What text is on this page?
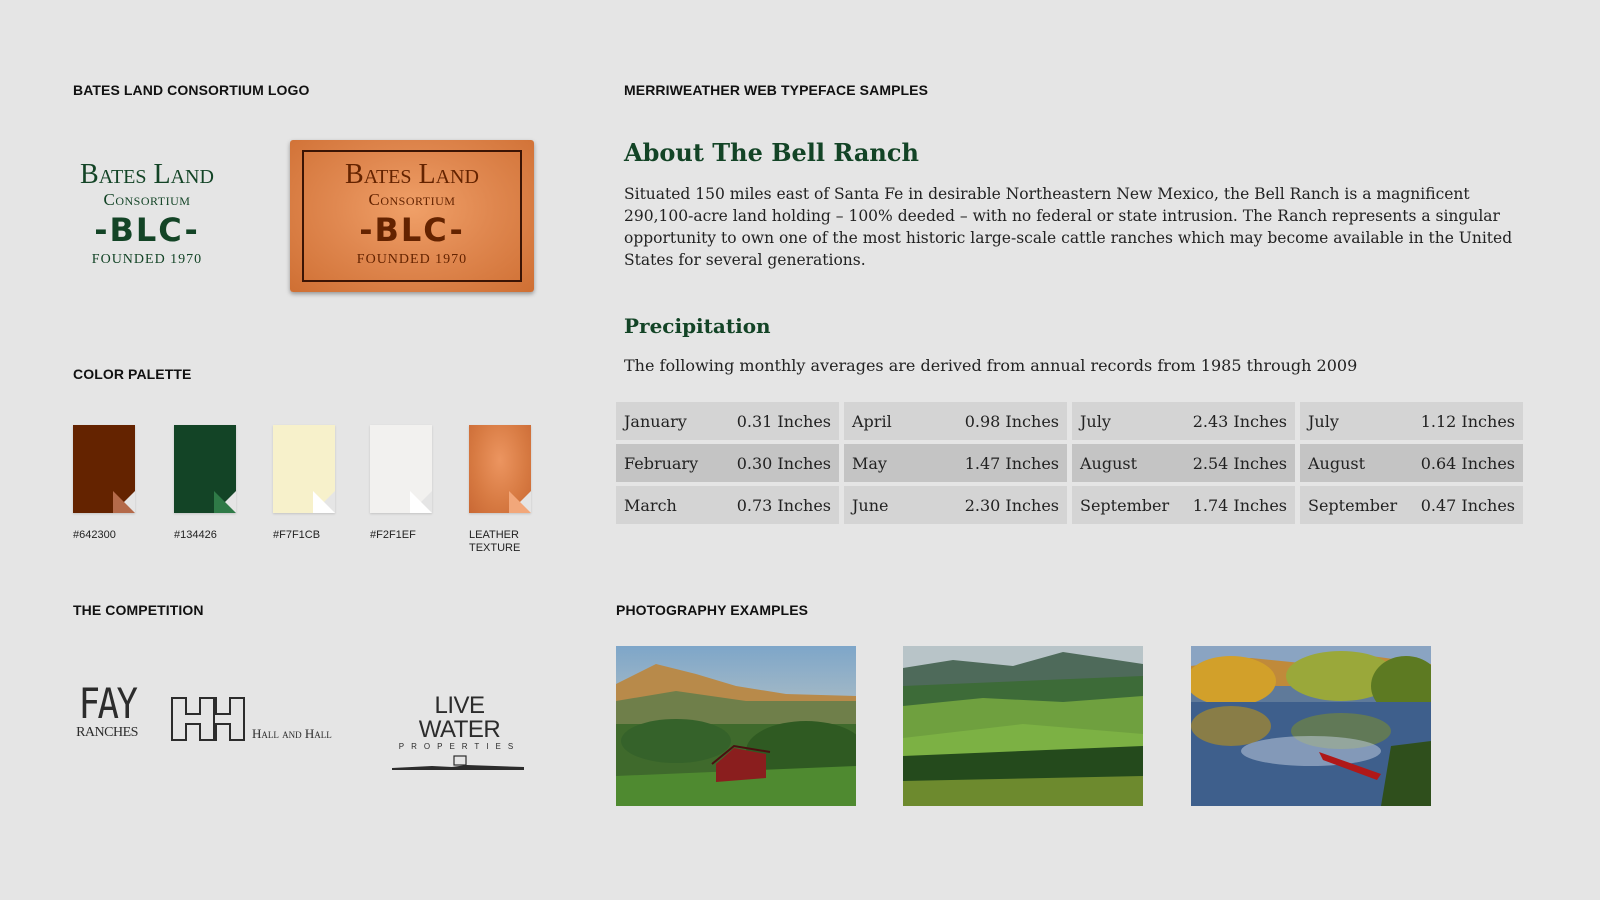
BATES LAND CONSORTIUM LOGO
Bates Land
Consortium
-BLC-
FOUNDED 1970
Bates Land
Consortium
-BLC-
FOUNDED 1970
COLOR PALETTE
#642300	#134426	#F7F1CB	#F2F1EF	LEATHER TEXTURE
THE COMPETITION
FAY
RANCHES	Hall and Hall
LIVE WATER
PROPERTIES
MERRIWEATHER WEB TYPEFACE SAMPLES
About The Bell Ranch
Situated 150 miles east of Santa Fe in desirable Northeastern New Mexico, the Bell Ranch is a magnificent 290,100-acre land holding – 100% deeded – with no federal or state intrusion. The Ranch represents a singular opportunity to own one of the most historic large-scale cattle ranches which may become available in the United States for several generations.
Precipitation
The following monthly averages are derived from annual records from 1985 through 2009
January	0.31 Inches
February 0.30 Inches
March	0.73 Inches
April	0.98 Inches
May	1.47 Inches
June	2.30 Inches
July	2.43 Inches
August	2.54 Inches
September 1.74 Inches
July	1.12 Inches
August	0.64 Inches
September 0.47 Inches
PHOTOGRAPHY EXAMPLES
